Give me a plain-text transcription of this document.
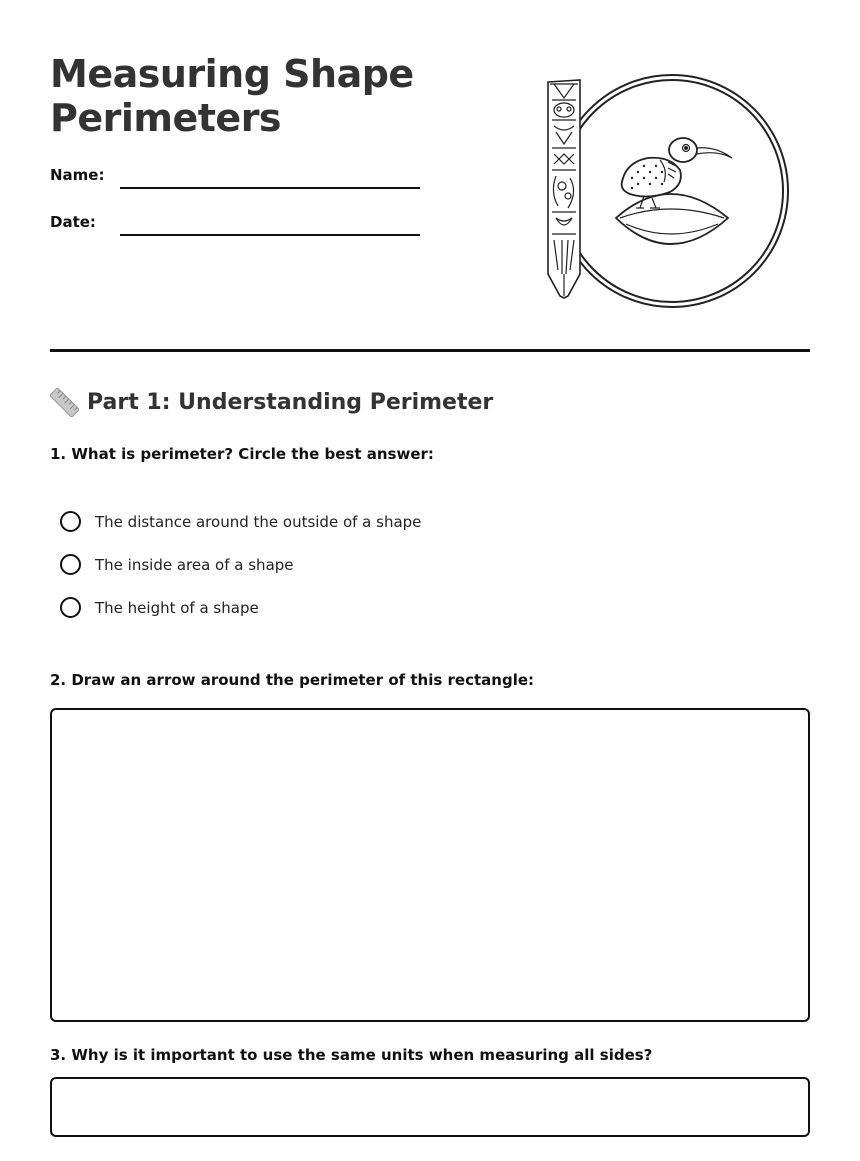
Measuring Shape Perimeters
Name:
Date:
Part 1: Understanding Perimeter
1. What is perimeter? Circle the best answer:
The distance around the outside of a shape
The inside area of a shape
The height of a shape
2. Draw an arrow around the perimeter of this rectangle:
3. Why is it important to use the same units when measuring all sides?
